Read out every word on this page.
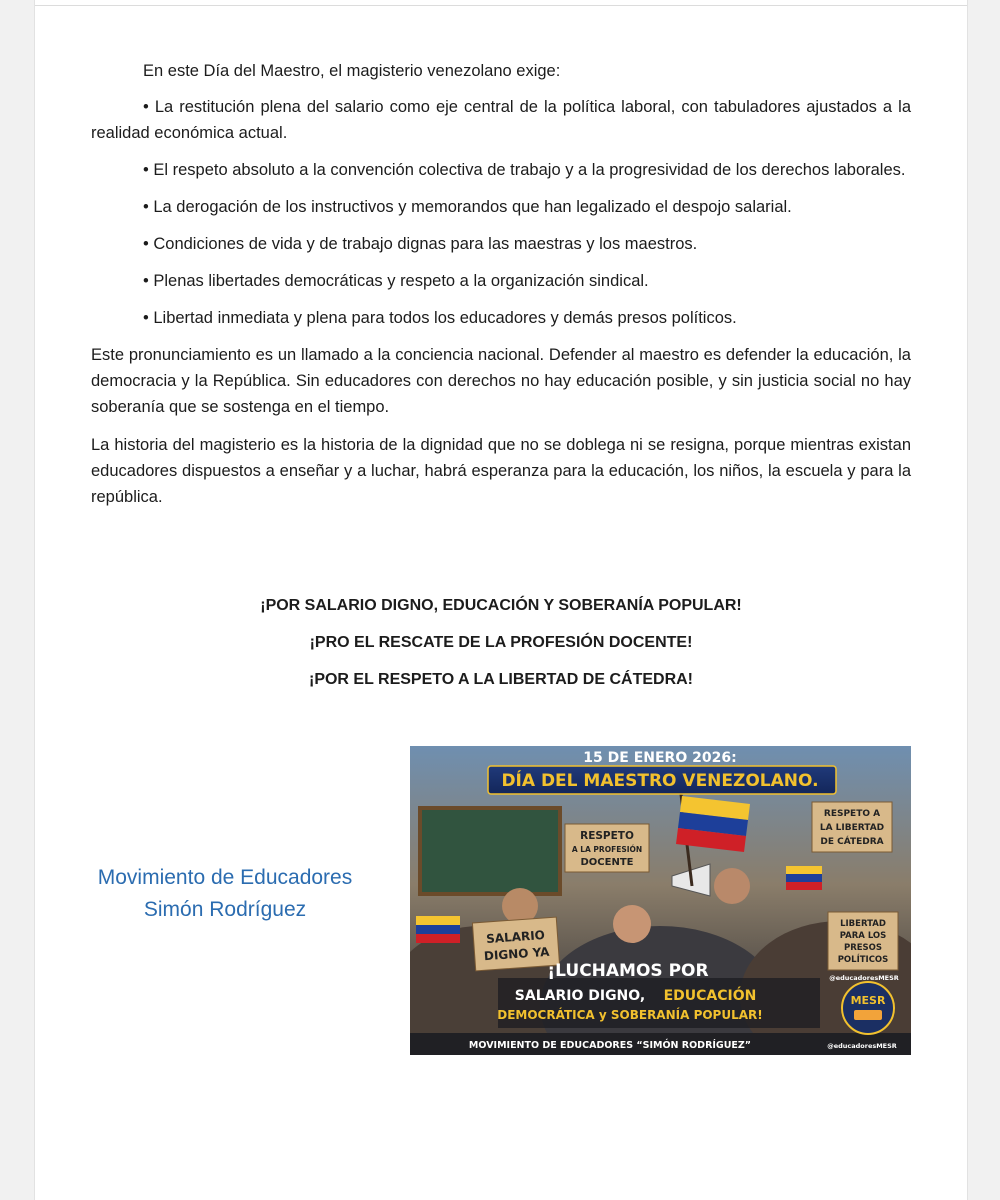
En este Día del Maestro, el magisterio venezolano exige:

• La restitución plena del salario como eje central de la política laboral, con tabuladores ajustados a la realidad económica actual.

• El respeto absoluto a la convención colectiva de trabajo y a la progresividad de los derechos laborales.

• La derogación de los instructivos y memorandos que han legalizado el despojo salarial.

• Condiciones de vida y de trabajo dignas para las maestras y los maestros.

• Plenas libertades democráticas y respeto a la organización sindical.

• Libertad inmediata y plena para todos los educadores y demás presos políticos.

Este pronunciamiento es un llamado a la conciencia nacional. Defender al maestro es defender la educación, la democracia y la República. Sin educadores con derechos no hay educación posible, y sin justicia social no hay soberanía que se sostenga en el tiempo.

La historia del magisterio es la historia de la dignidad que no se doblega ni se resigna, porque mientras existan educadores dispuestos a enseñar y a luchar, habrá esperanza para la educación, los niños, la escuela y para la república.

¡POR SALARIO DIGNO, EDUCACIÓN Y SOBERANÍA POPULAR!
¡PRO EL RESCATE DE LA PROFESIÓN DOCENTE!
¡POR EL RESPETO A LA LIBERTAD DE CÁTEDRA!
Movimiento de Educadores
Simón Rodríguez
15 DE ENERO 2026:
DÍA DEL MAESTRO VENEZOLANO.
RESPETO
A LA PROFESIÓN
DOCENTE
RESPETO A
LA LIBERTAD
DE CÁTEDRA
SALARIO
DIGNO YA
LIBERTAD
PARA LOS
PRESOS
POLÍTICOS
@educadoresMESR
¡LUCHAMOS POR
SALARIO DIGNO, EDUCACIÓN
DEMOCRÁTICA y SOBERANÍA POPULAR!
MOVIMIENTO DE EDUCADORES “SIMÓN RODRÍGUEZ”	@educadoresMESR
MESR
